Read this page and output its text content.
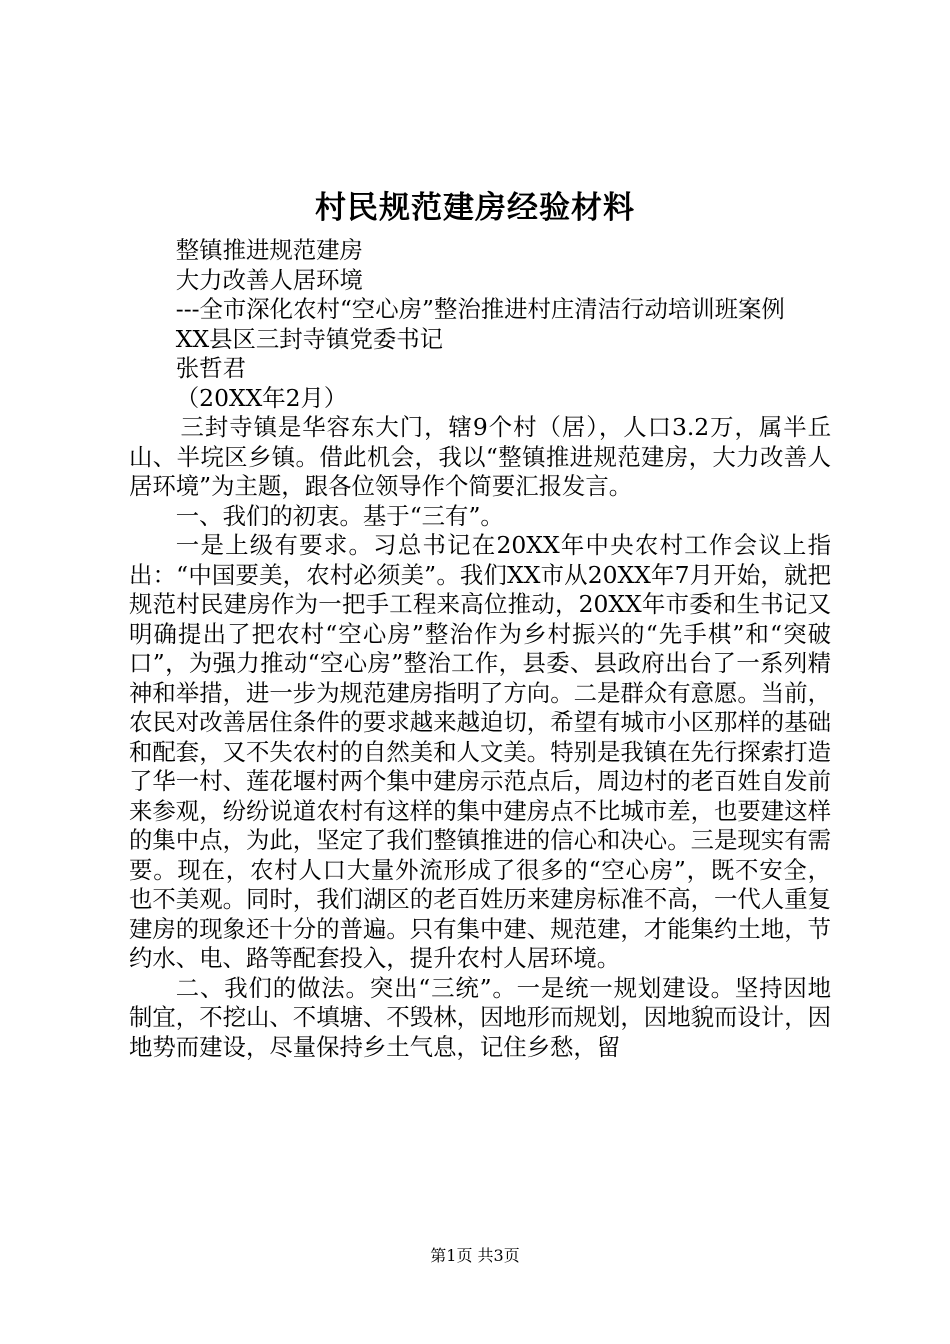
村民规范建房经验材料

整镇推进规范建房

大力改善人居环境

---全市深化农村“空心房”整治推进村庄清洁行动培训班案例

XX县区三封寺镇党委书记

张哲君

（20XX年2月）

三封寺镇是华容东大门，辖9个村（居），人口3.2万，属半丘山、半垸区乡镇。借此机会，我以“整镇推进规范建房，大力改善人居环境”为主题，跟各位领导作个简要汇报发言。

一、我们的初衷。基于“三有”。

一是上级有要求。习总书记在20XX年中央农村工作会议上指出：“中国要美，农村必须美”。我们XX市从20XX年7月开始，就把规范村民建房作为一把手工程来高位推动，20XX年市委和生书记又明确提出了把农村“空心房”整治作为乡村振兴的“先手棋”和“突破口”，为强力推动“空心房”整治工作，县委、县政府出台了一系列精神和举措，进一步为规范建房指明了方向。二是群众有意愿。当前，农民对改善居住条件的要求越来越迫切，希望有城市小区那样的基础和配套，又不失农村的自然美和人文美。特别是我镇在先行探索打造了华一村、莲花堰村两个集中建房示范点后，周边村的老百姓自发前来参观，纷纷说道农村有这样的集中建房点不比城市差，也要建这样的集中点，为此，坚定了我们整镇推进的信心和决心。三是现实有需要。现在，农村人口大量外流形成了很多的“空心房”，既不安全，也不美观。同时，我们湖区的老百姓历来建房标准不高，一代人重复建房的现象还十分的普遍。只有集中建、规范建，才能集约土地，节约水、电、路等配套投入，提升农村人居环境。

二、我们的做法。突出“三统”。一是统一规划建设。坚持因地制宜，不挖山、不填塘、不毁林，因地形而规划，因地貌而设计，因地势而建设，尽量保持乡土气息，记住乡愁，留

第1页 共3页
